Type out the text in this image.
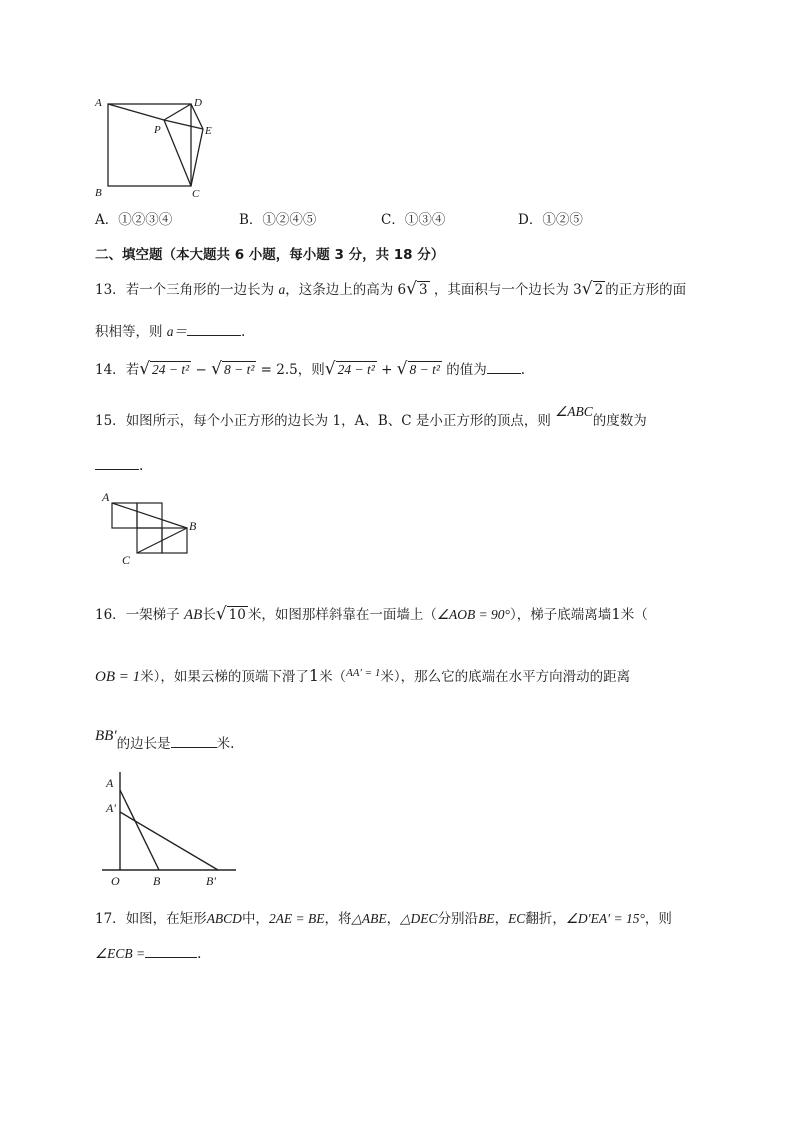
A	D
P	E
B	C
A．①②③④	B．①②④⑤	C．①③④	D．①②⑤
二、填空题（本大题共 6 小题，每小题 3 分，共 18 分）
13．若一个三角形的一边长为 a，这条边上的高为 6√ 3 ，其面积与一个边长为 3√ 2 的正方形的面
积相等，则 a＝	.
14．若√ 24 − t² − √ 8 − t² = 2.5，则√ 24 − t² + √ 8 − t² 的值为	.
15．如图所示，每个小正方形的边长为 1，A、B、C 是小正方形的顶点，则 ∠ABC的度数为
.
A
B
C
16．一架梯子 AB长√ 10 米，如图那样斜靠在一面墙上（∠AOB = 90°），梯子底端离墙1米（
OB = 1米），如果云梯的顶端下滑了1米（$^{AA' = 1}$米），那么它的底端在水平方向滑动的距离
BB′的边长是	米.
A
A′
O	B	B′
17．如图，在矩形ABCD中，2AE = BE，将△ABE，△DEC分别沿BE，EC翻折，∠D′EA′ = 15°，则
∠ECB =	.
